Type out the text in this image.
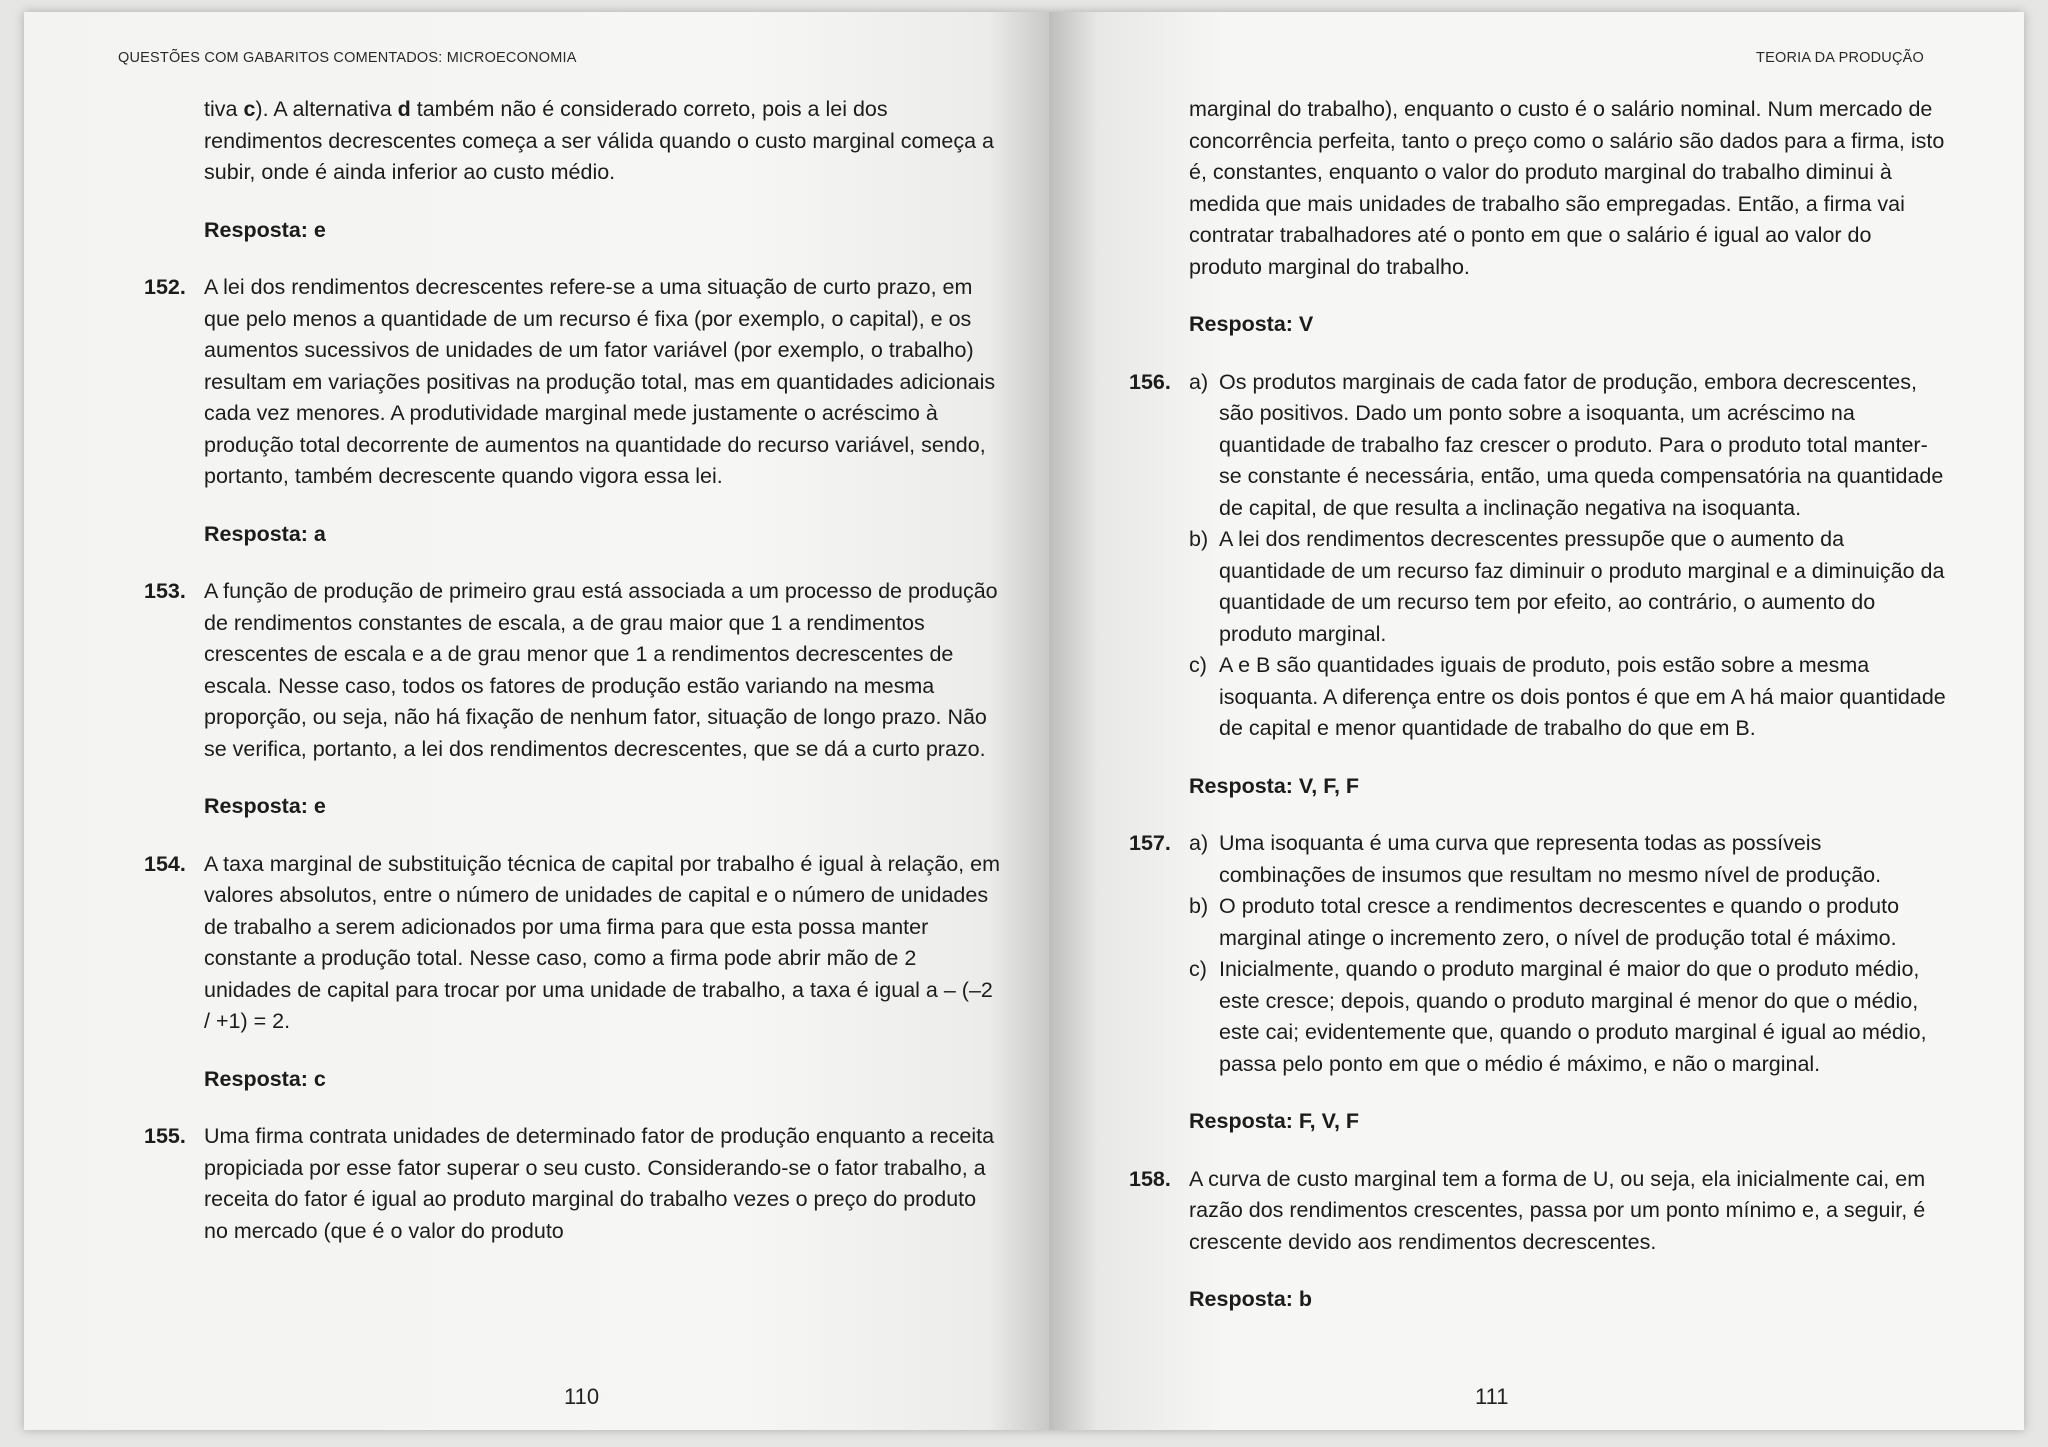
QUESTÕES COM GABARITOS COMENTADOS: MICROECONOMIA

tiva c). A alternativa d também não é considerado correto, pois a lei dos rendimentos decrescentes começa a ser válida quando o custo marginal começa a subir, onde é ainda inferior ao custo médio.

Resposta: e

152. A lei dos rendimentos decrescentes refere-se a uma situação de curto prazo, em que pelo menos a quantidade de um recurso é fixa (por exemplo, o capital), e os aumentos sucessivos de unidades de um fator variável (por exemplo, o trabalho) resultam em variações positivas na produção total, mas em quantidades adicionais cada vez menores. A produtividade marginal mede justamente o acréscimo à produção total decorrente de aumentos na quantidade do recurso variável, sendo, portanto, também decrescente quando vigora essa lei.

Resposta: a

153. A função de produção de primeiro grau está associada a um processo de produção de rendimentos constantes de escala, a de grau maior que 1 a rendimentos crescentes de escala e a de grau menor que 1 a rendimentos decrescentes de escala. Nesse caso, todos os fatores de produção estão variando na mesma proporção, ou seja, não há fixação de nenhum fator, situação de longo prazo. Não se verifica, portanto, a lei dos rendimentos decrescentes, que se dá a curto prazo.

Resposta: e

154. A taxa marginal de substituição técnica de capital por trabalho é igual à relação, em valores absolutos, entre o número de unidades de capital e o número de unidades de trabalho a serem adicionados por uma firma para que esta possa manter constante a produção total. Nesse caso, como a firma pode abrir mão de 2 unidades de capital para trocar por uma unidade de trabalho, a taxa é igual a – (–2 / +1) = 2.

Resposta: c

155. Uma firma contrata unidades de determinado fator de produção enquanto a receita propiciada por esse fator superar o seu custo. Considerando-se o fator trabalho, a receita do fator é igual ao produto marginal do trabalho vezes o preço do produto no mercado (que é o valor do produto

110
TEORIA DA PRODUÇÃO

marginal do trabalho), enquanto o custo é o salário nominal. Num mercado de concorrência perfeita, tanto o preço como o salário são dados para a firma, isto é, constantes, enquanto o valor do produto marginal do trabalho diminui à medida que mais unidades de trabalho são empregadas. Então, a firma vai contratar trabalhadores até o ponto em que o salário é igual ao valor do produto marginal do trabalho.

Resposta: V

156. a) Os produtos marginais de cada fator de produção, embora decrescentes, são positivos. Dado um ponto sobre a isoquanta, um acréscimo na quantidade de trabalho faz crescer o produto. Para o produto total manter-se constante é necessária, então, uma queda compensatória na quantidade de capital, de que resulta a inclinação negativa na isoquanta.
b) A lei dos rendimentos decrescentes pressupõe que o aumento da quantidade de um recurso faz diminuir o produto marginal e a diminuição da quantidade de um recurso tem por efeito, ao contrário, o aumento do produto marginal.
c) A e B são quantidades iguais de produto, pois estão sobre a mesma isoquanta. A diferença entre os dois pontos é que em A há maior quantidade de capital e menor quantidade de trabalho do que em B.

Resposta: V, F, F

157. a) Uma isoquanta é uma curva que representa todas as possíveis combinações de insumos que resultam no mesmo nível de produção.
b) O produto total cresce a rendimentos decrescentes e quando o produto marginal atinge o incremento zero, o nível de produção total é máximo.
c) Inicialmente, quando o produto marginal é maior do que o produto médio, este cresce; depois, quando o produto marginal é menor do que o médio, este cai; evidentemente que, quando o produto marginal é igual ao médio, passa pelo ponto em que o médio é máximo, e não o marginal.

Resposta: F, V, F

158. A curva de custo marginal tem a forma de U, ou seja, ela inicialmente cai, em razão dos rendimentos crescentes, passa por um ponto mínimo e, a seguir, é crescente devido aos rendimentos decrescentes.

Resposta: b

111
